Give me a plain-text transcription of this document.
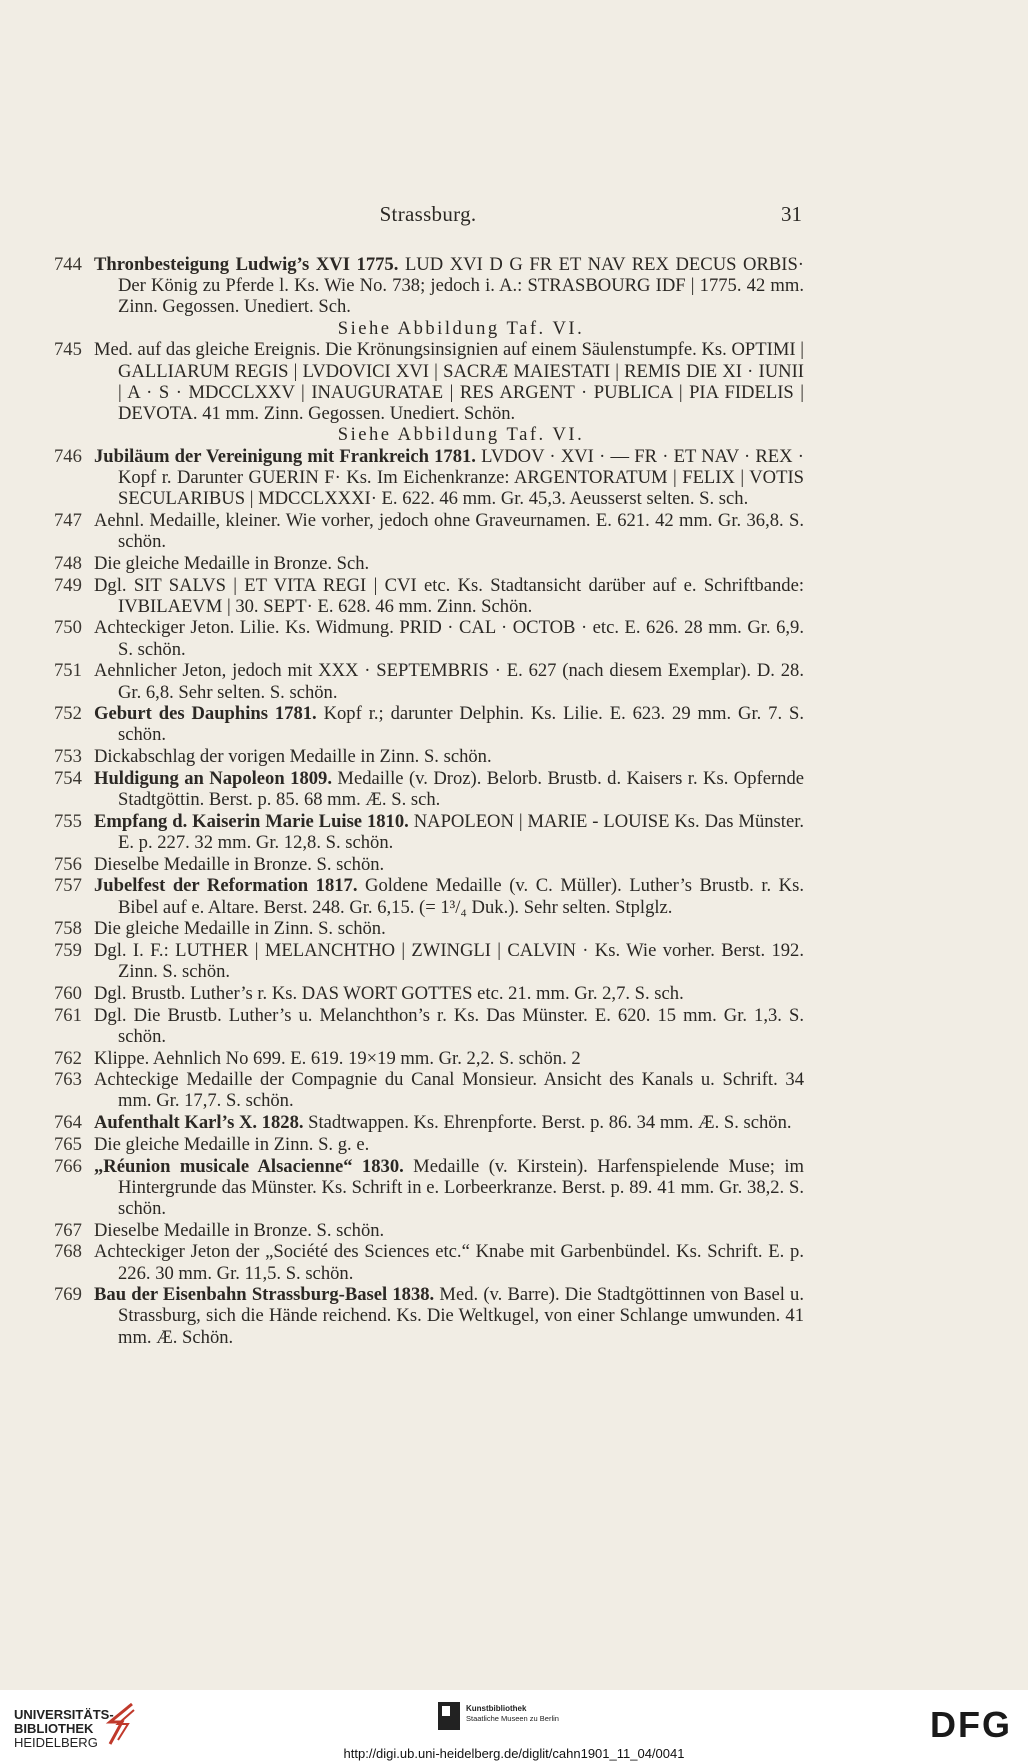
Strassburg.	31

744 Thronbesteigung Ludwig’s XVI 1775. LUD XVI D G FR ET NAV REX DECUS ORBIS· Der König zu Pferde l. Ks. Wie No. 738; jedoch i. A.: STRASBOURG IDF | 1775. 42 mm. Zinn. Gegossen. Unediert. Sch.
Siehe Abbildung Taf. VI.

745 Med. auf das gleiche Ereignis. Die Krönungsinsignien auf einem Säulenstumpfe. Ks. OPTIMI | GALLIARUM REGIS | LVDOVICI XVI | SACRÆ MAIESTATI | REMIS DIE XI · IUNII | A · S · MDCCLXXV | INAUGURATAE | RES ARGENT · PUBLICA | PIA FIDELIS | DEVOTA. 41 mm. Zinn. Gegossen. Unediert. Schön.
Siehe Abbildung Taf. VI.

746 Jubiläum der Vereinigung mit Frankreich 1781. LVDOV · XVI · — FR · ET NAV · REX · Kopf r. Darunter GUERIN F· Ks. Im Eichenkranze: ARGENTORATUM | FELIX | VOTIS SECULARIBUS | MDCCLXXXI· E. 622. 46 mm. Gr. 45,3. Aeusserst selten. S. sch.

747 Aehnl. Medaille, kleiner. Wie vorher, jedoch ohne Graveurnamen. E. 621. 42 mm. Gr. 36,8. S. schön.

748 Die gleiche Medaille in Bronze. Sch.

749 Dgl. SIT SALVS | ET VITA REGI | CVI etc. Ks. Stadtansicht darüber auf e. Schriftbande: IVBILAEVM | 30. SEPT· E. 628. 46 mm. Zinn. Schön.

750 Achteckiger Jeton. Lilie. Ks. Widmung. PRID · CAL · OCTOB · etc. E. 626. 28 mm. Gr. 6,9. S. schön.

751 Aehnlicher Jeton, jedoch mit XXX · SEPTEMBRIS · E. 627 (nach diesem Exemplar). D. 28. Gr. 6,8. Sehr selten. S. schön.

752 Geburt des Dauphins 1781. Kopf r.; darunter Delphin. Ks. Lilie. E. 623. 29 mm. Gr. 7. S. schön.

753 Dickabschlag der vorigen Medaille in Zinn. S. schön.

754 Huldigung an Napoleon 1809. Medaille (v. Droz). Belorb. Brustb. d. Kaisers r. Ks. Opfernde Stadtgöttin. Berst. p. 85. 68 mm. Æ. S. sch.

755 Empfang d. Kaiserin Marie Luise 1810. NAPOLEON | MARIE - LOUISE Ks. Das Münster. E. p. 227. 32 mm. Gr. 12,8. S. schön.

756 Dieselbe Medaille in Bronze. S. schön.

757 Jubelfest der Reformation 1817. Goldene Medaille (v. C. Müller). Luther’s Brustb. r. Ks. Bibel auf e. Altare. Berst. 248. Gr. 6,15. (= 1³/₄ Duk.). Sehr selten. Stplglz.

758 Die gleiche Medaille in Zinn. S. schön.

759 Dgl. I. F.: LUTHER | MELANCHTHO | ZWINGLI | CALVIN · Ks. Wie vorher. Berst. 192. Zinn. S. schön.

760 Dgl. Brustb. Luther’s r. Ks. DAS WORT GOTTES etc. 21. mm. Gr. 2,7. S. sch.

761 Dgl. Die Brustb. Luther’s u. Melanchthon’s r. Ks. Das Münster. E. 620. 15 mm. Gr. 1,3. S. schön.

762 Klippe. Aehnlich No 699. E. 619. 19×19 mm. Gr. 2,2. S. schön. 2

763 Achteckige Medaille der Compagnie du Canal Monsieur. Ansicht des Kanals u. Schrift. 34 mm. Gr. 17,7. S. schön.

764 Aufenthalt Karl’s X. 1828. Stadtwappen. Ks. Ehrenpforte. Berst. p. 86. 34 mm. Æ. S. schön.

765 Die gleiche Medaille in Zinn. S. g. e.

766 „Réunion musicale Alsacienne“ 1830. Medaille (v. Kirstein). Harfenspielende Muse; im Hintergrunde das Münster. Ks. Schrift in e. Lorbeerkranze. Berst. p. 89. 41 mm. Gr. 38,2. S. schön.

767 Dieselbe Medaille in Bronze. S. schön.

768 Achteckiger Jeton der „Société des Sciences etc.“ Knabe mit Garbenbündel. Ks. Schrift. E. p. 226. 30 mm. Gr. 11,5. S. schön.

769 Bau der Eisenbahn Strassburg-Basel 1838. Med. (v. Barre). Die Stadtgöttinnen von Basel u. Strassburg, sich die Hände reichend. Ks. Die Weltkugel, von einer Schlange umwunden. 41 mm. Æ. Schön.

UNIVERSITÄTS-
BIBLIOTHEK
HEIDELBERG
Kunstbibliothek
Staatliche Museen zu Berlin	DFG
http://digi.ub.uni-heidelberg.de/diglit/cahn1901_11_04/0041
